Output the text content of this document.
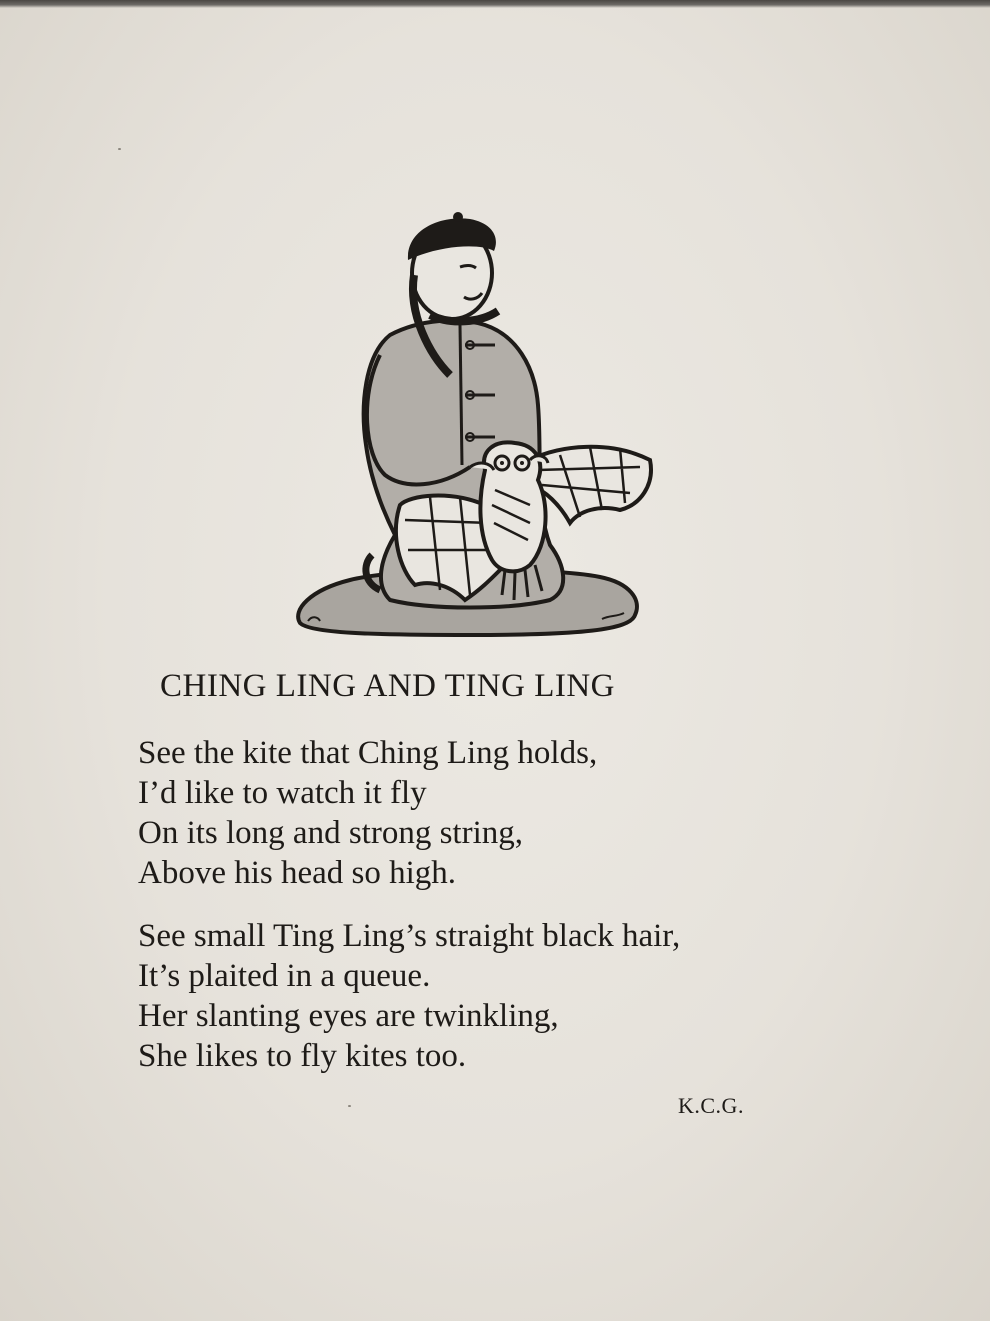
CHING LING AND TING LING
See the kite that Ching Ling holds,
I’d like to watch it fly
On its long and strong string,
Above his head so high.
See small Ting Ling’s straight black hair,
It’s plaited in a queue.
Her slanting eyes are twinkling,
She likes to fly kites too.
K.C.G.
